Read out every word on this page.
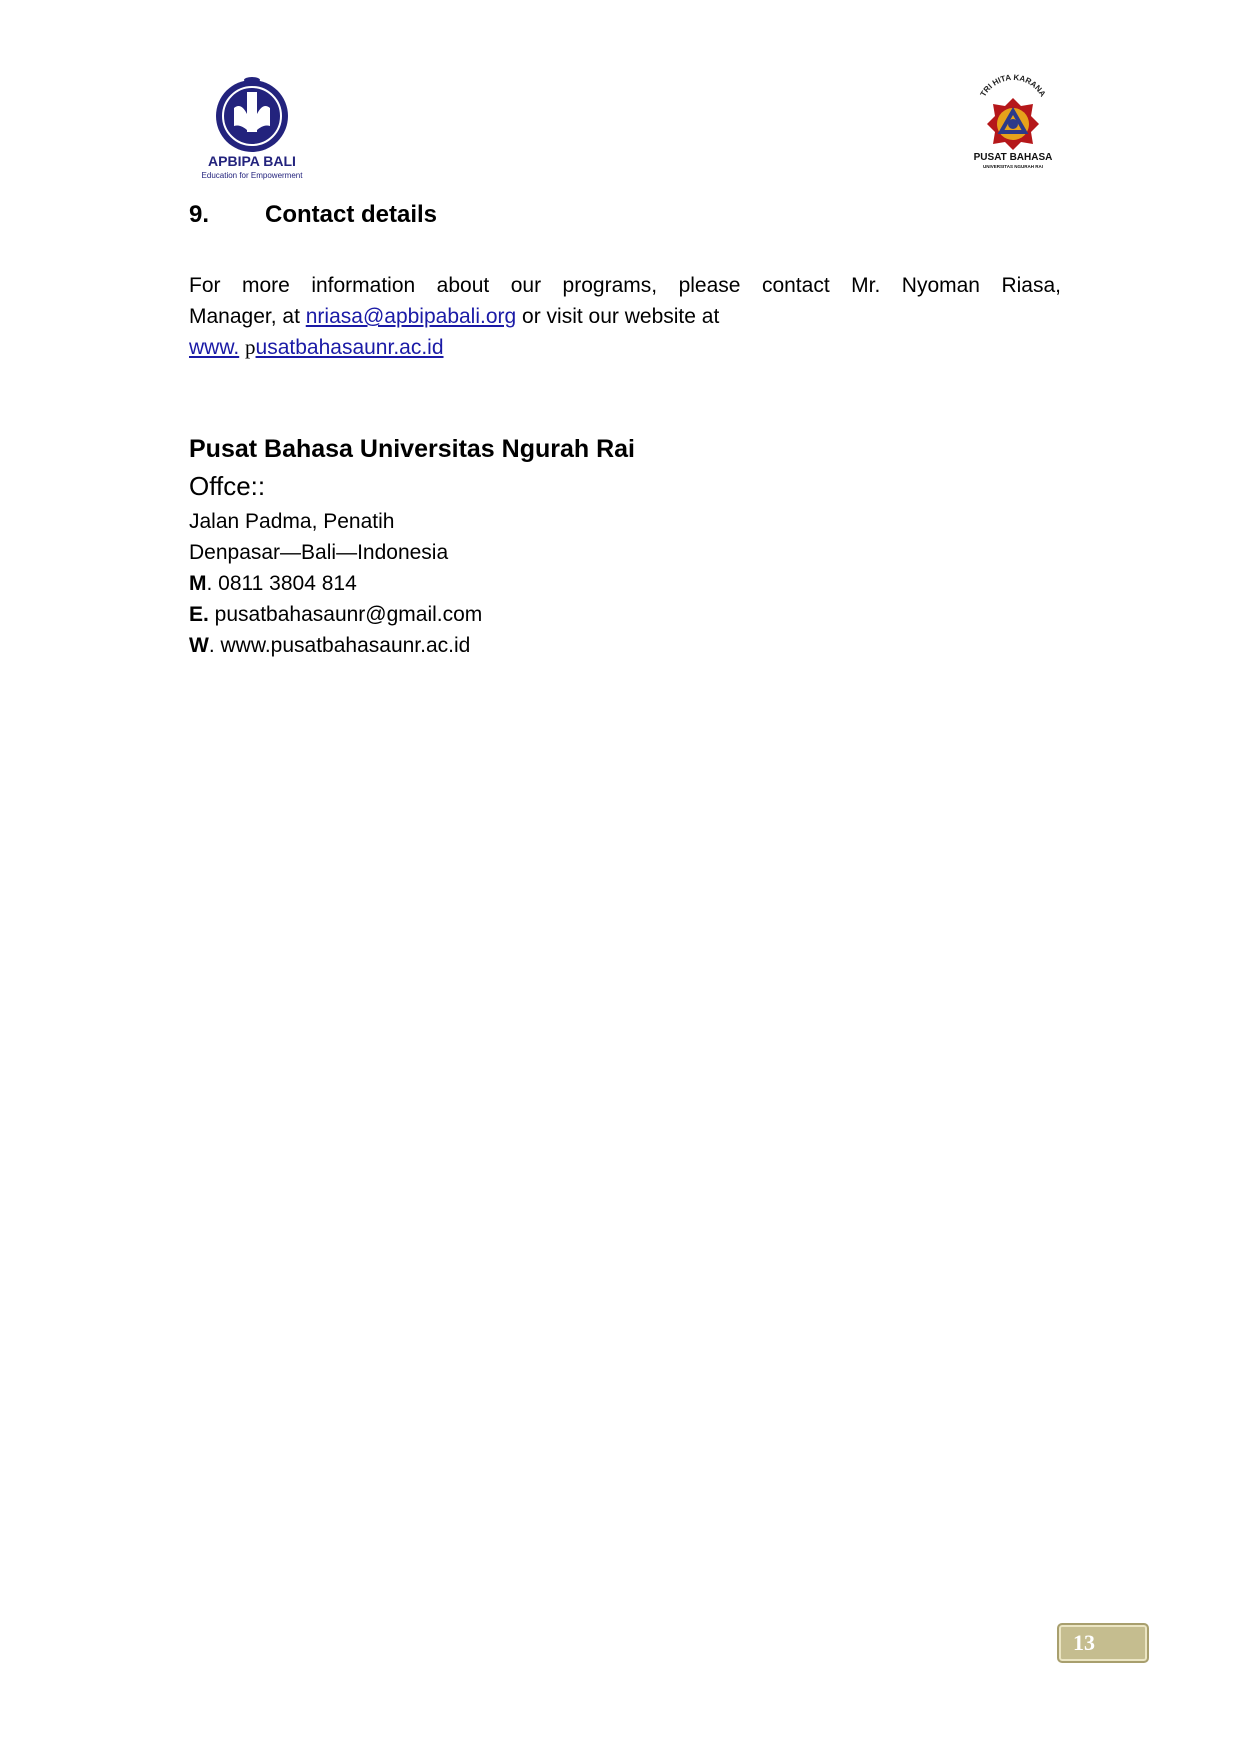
APBIPA BALI
Education for Empowerment
TRI HITA KARANA
PUSAT BAHASA
UNIVERSITAS NGURAH RAI
9. Contact details
For more information about our programs, please contact Mr. Nyoman Riasa,
Manager, at nriasa@apbipabali.org or visit our website at
www. pusatbahasaunr.ac.id
Pusat Bahasa Universitas Ngurah Rai
Offce::
Jalan Padma, Penatih
Denpasar—Bali—Indonesia
M. 0811 3804 814
E. pusatbahasaunr@gmail.com
W. www.pusatbahasaunr.ac.id
13
